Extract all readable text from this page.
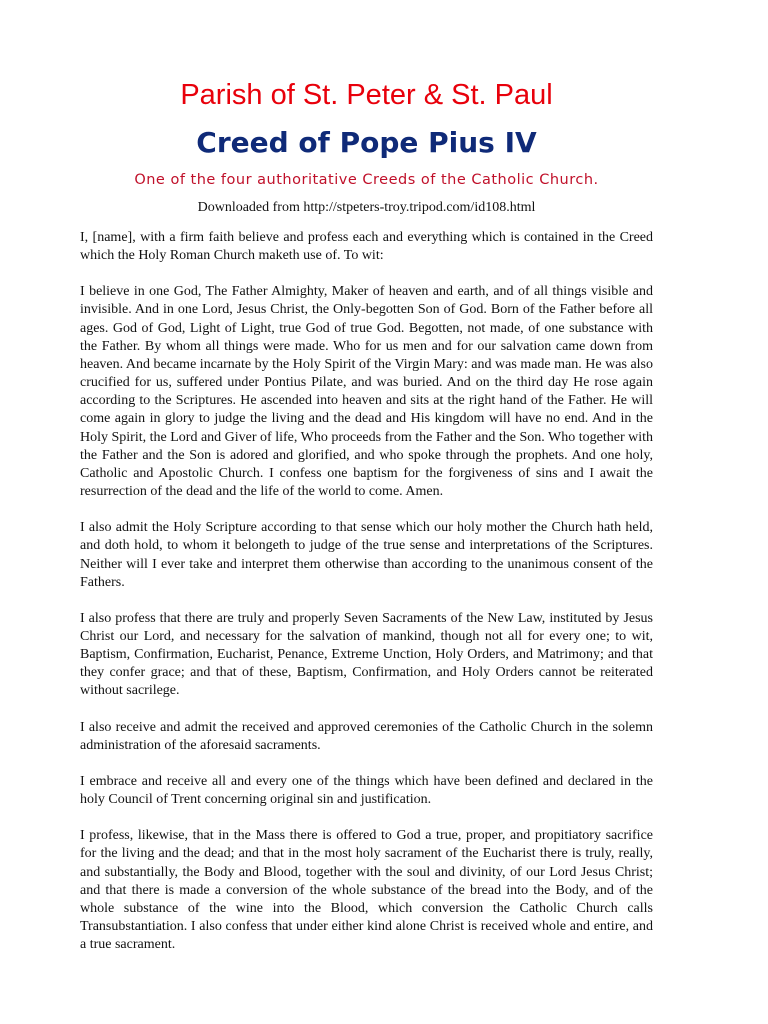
Parish of St. Peter & St. Paul
Creed of Pope Pius IV
One of the four authoritative Creeds of the Catholic Church.
Downloaded from http://stpeters-troy.tripod.com/id108.html

I, [name], with a firm faith believe and profess each and everything which is contained in the Creed which the Holy Roman Church maketh use of. To wit:

I believe in one God, The Father Almighty, Maker of heaven and earth, and of all things visible and invisible. And in one Lord, Jesus Christ, the Only-begotten Son of God. Born of the Father before all ages. God of God, Light of Light, true God of true God. Begotten, not made, of one substance with the Father. By whom all things were made. Who for us men and for our salvation came down from heaven. And became incarnate by the Holy Spirit of the Virgin Mary: and was made man. He was also crucified for us, suffered under Pontius Pilate, and was buried. And on the third day He rose again according to the Scriptures. He ascended into heaven and sits at the right hand of the Father. He will come again in glory to judge the living and the dead and His kingdom will have no end. And in the Holy Spirit, the Lord and Giver of life, Who proceeds from the Father and the Son. Who together with the Father and the Son is adored and glorified, and who spoke through the prophets. And one holy, Catholic and Apostolic Church. I confess one baptism for the forgiveness of sins and I await the resurrection of the dead and the life of the world to come. Amen.

I also admit the Holy Scripture according to that sense which our holy mother the Church hath held, and doth hold, to whom it belongeth to judge of the true sense and interpretations of the Scriptures. Neither will I ever take and interpret them otherwise than according to the unanimous consent of the Fathers.

I also profess that there are truly and properly Seven Sacraments of the New Law, instituted by Jesus Christ our Lord, and necessary for the salvation of mankind, though not all for every one; to wit, Baptism, Confirmation, Eucharist, Penance, Extreme Unction, Holy Orders, and Matrimony; and that they confer grace; and that of these, Baptism, Confirmation, and Holy Orders cannot be reiterated without sacrilege.

I also receive and admit the received and approved ceremonies of the Catholic Church in the solemn administration of the aforesaid sacraments.

I embrace and receive all and every one of the things which have been defined and declared in the holy Council of Trent concerning original sin and justification.

I profess, likewise, that in the Mass there is offered to God a true, proper, and propitiatory sacrifice for the living and the dead; and that in the most holy sacrament of the Eucharist there is truly, really, and substantially, the Body and Blood, together with the soul and divinity, of our Lord Jesus Christ; and that there is made a conversion of the whole substance of the bread into the Body, and of the whole substance of the wine into the Blood, which conversion the Catholic Church calls Transubstantiation. I also confess that under either kind alone Christ is received whole and entire, and a true sacrament.
